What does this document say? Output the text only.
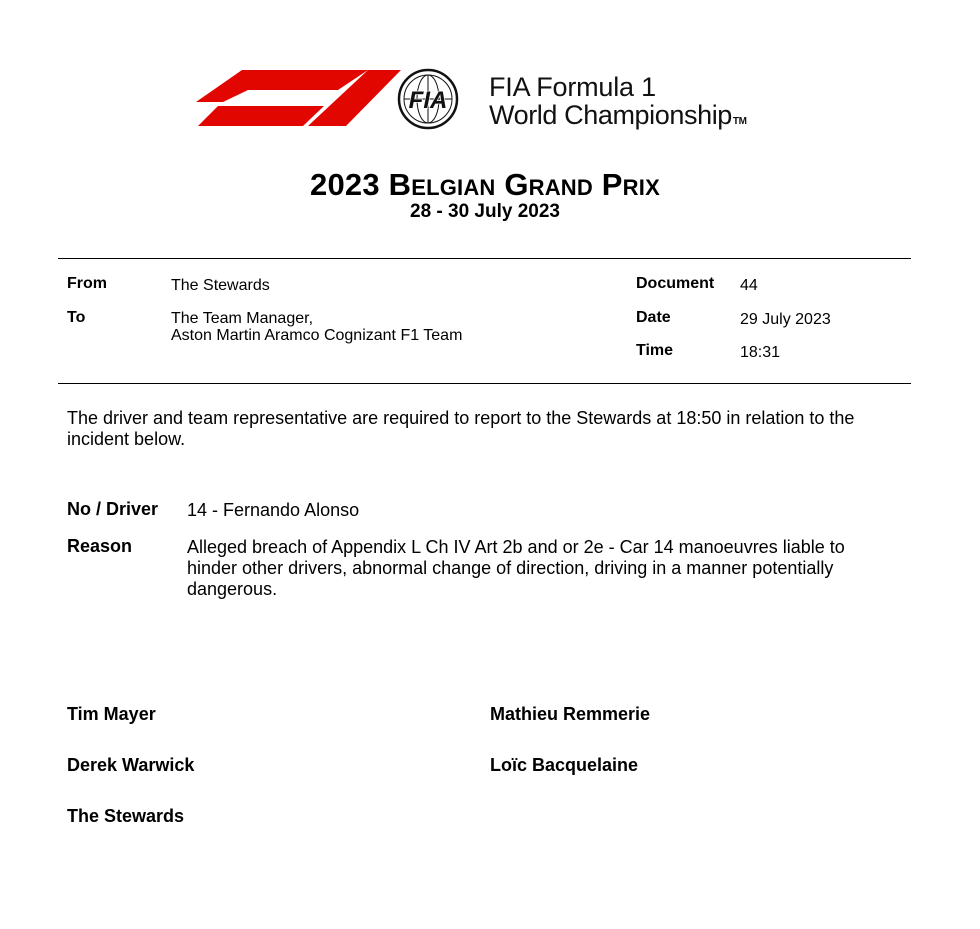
FIA FIA Formula 1
World ChampionshipTM
2023 Belgian Grand Prix
28 - 30 July 2023
From	The Stewards
To	The Team Manager,
Aston Martin Aramco Cognizant F1 Team
Document 44
Date	29 July 2023
Time	18:31
The driver and team representative are required to report to the Stewards at 18:50 in relation to the incident below.
No / Driver 14 - Fernando Alonso
Reason	Alleged breach of Appendix L Ch IV Art 2b and or 2e - Car 14 manoeuvres liable to hinder other drivers, abnormal change of direction, driving in a manner potentially dangerous.
Tim Mayer	Mathieu Remmerie
Derek Warwick	Loïc Bacquelaine
The Stewards
